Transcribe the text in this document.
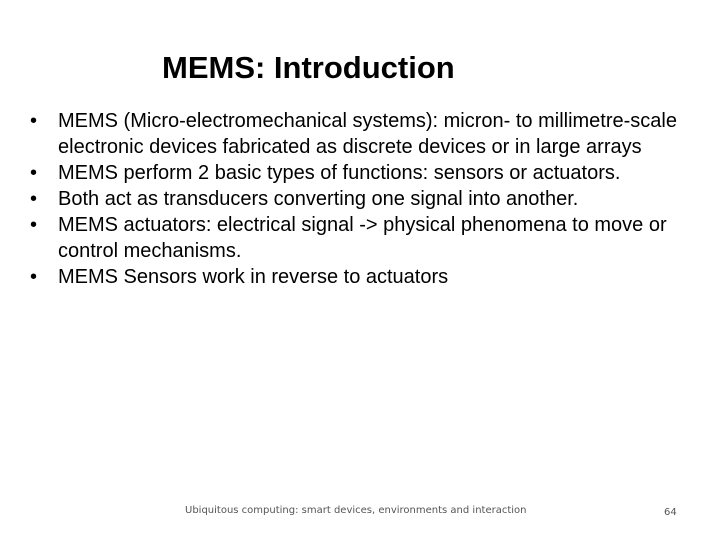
MEMS: Introduction
•	MEMS (Micro-electromechanical systems): micron- to millimetre-scale electronic devices fabricated as discrete devices or in large arrays
•	MEMS perform 2 basic types of functions: sensors or actuators.
•	Both act as transducers converting one signal into another.
•	MEMS actuators: electrical signal -> physical phenomena to move or control mechanisms.
•	MEMS Sensors work in reverse to actuators
Ubiquitous computing: smart devices, environments and interaction	64
